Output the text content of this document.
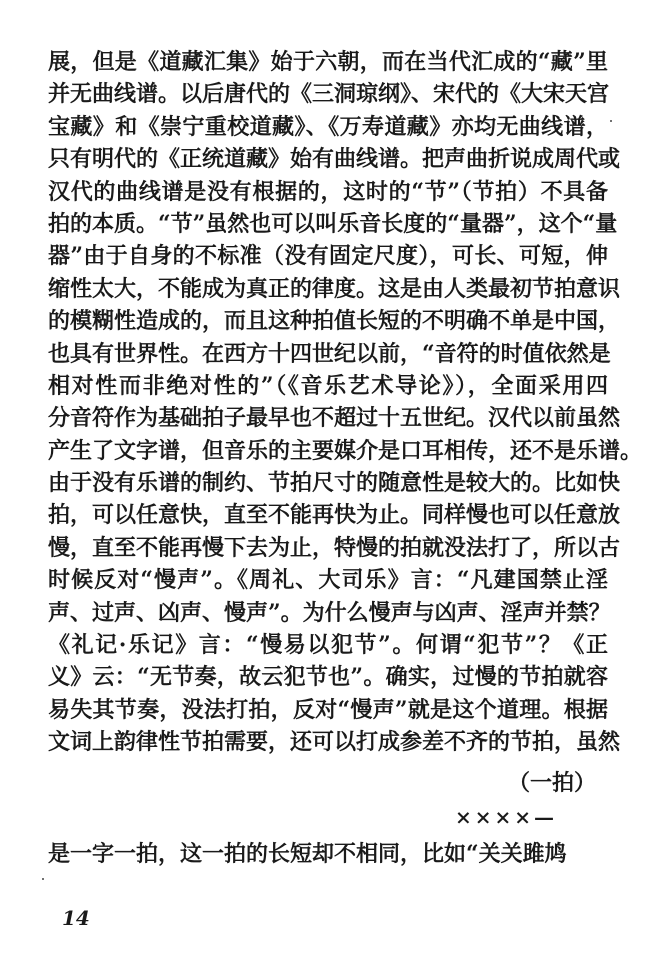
展，但是《道藏汇集》始于六朝，而在当代汇成的“藏”里
并无曲线谱。以后唐代的《三洞琼纲》、宋代的《大宋天宫
宝藏》和《崇宁重校道藏》、《万寿道藏》亦均无曲线谱，
只有明代的《正统道藏》始有曲线谱。把声曲折说成周代或
汉代的曲线谱是没有根据的，这时的“节”（节拍）不具备
拍的本质。“节”虽然也可以叫乐音长度的“量器”，这个“量
器”由于自身的不标准（没有固定尺度），可长、可短，伸
缩性太大，不能成为真正的律度。这是由人类最初节拍意识
的模糊性造成的，而且这种拍值长短的不明确不单是中国，
也具有世界性。在西方十四世纪以前，“音符的时值依然是
相对性而非绝对性的”（《音乐艺术导论》），全面采用四
分音符作为基础拍子最早也不超过十五世纪。汉代以前虽然
产生了文字谱，但音乐的主要媒介是口耳相传，还不是乐谱。
由于没有乐谱的制约、节拍尺寸的随意性是较大的。比如快
拍，可以任意快，直至不能再快为止。同样慢也可以任意放
慢，直至不能再慢下去为止，特慢的拍就没法打了，所以古
时候反对“慢声”。《周礼、大司乐》言：“凡建国禁止淫
声、过声、凶声、慢声”。为什么慢声与凶声、淫声并禁？
《礼记·乐记》言：“慢易以犯节”。何谓“犯节”？《正
义》云：“无节奏，故云犯节也”。确实，过慢的节拍就容
易失其节奏，没法打拍，反对“慢声”就是这个道理。根据
文词上韵律性节拍需要，还可以打成参差不齐的节拍，虽然
（一拍）
××××—
是一字一拍，这一拍的长短却不相同，比如“关关雎鸠
14
